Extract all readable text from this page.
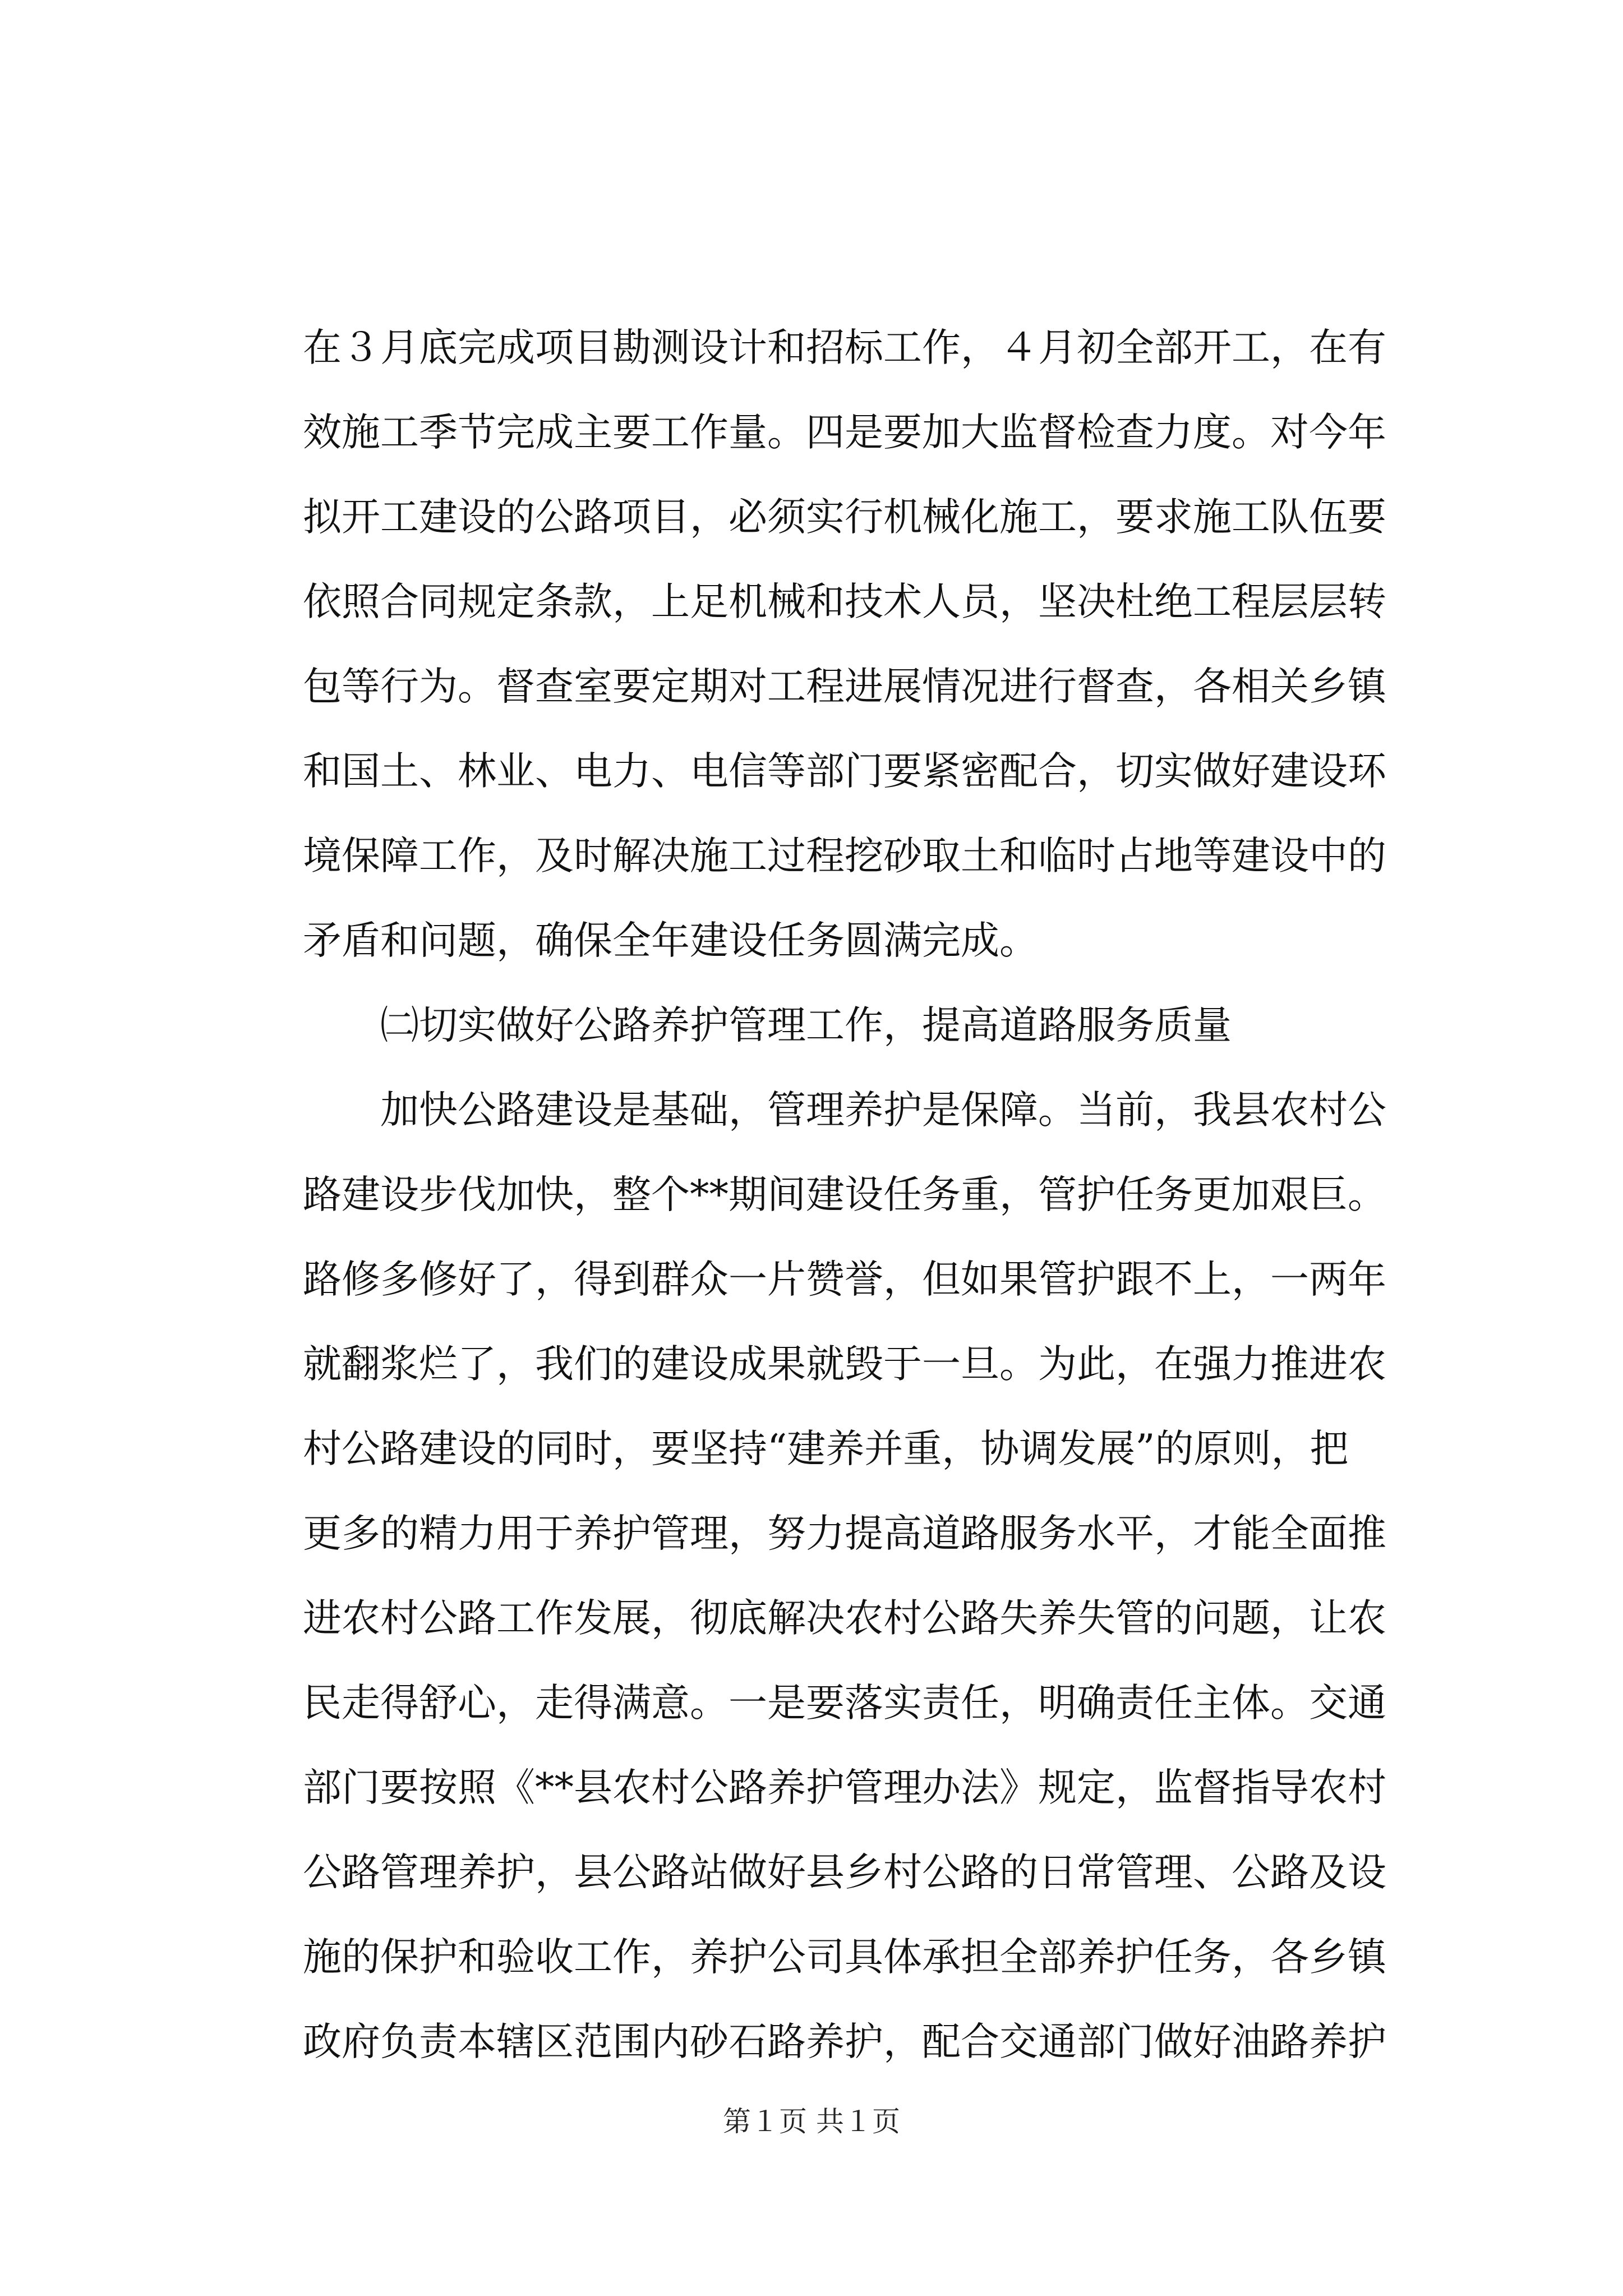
在３月底完成项目勘测设计和招标工作，４月初全部开工，在有
效施工季节完成主要工作量。四是要加大监督检查力度。对今年
拟开工建设的公路项目，必须实行机械化施工，要求施工队伍要
依照合同规定条款，上足机械和技术人员，坚决杜绝工程层层转
包等行为。督查室要定期对工程进展情况进行督查，各相关乡镇
和国土、林业、电力、电信等部门要紧密配合，切实做好建设环
境保障工作，及时解决施工过程挖砂取土和临时占地等建设中的
矛盾和问题，确保全年建设任务圆满完成。
㈡切实做好公路养护管理工作，提高道路服务质量
加快公路建设是基础，管理养护是保障。当前，我县农村公
路建设步伐加快，整个**期间建设任务重，管护任务更加艰巨。
路修多修好了，得到群众一片赞誉，但如果管护跟不上，一两年
就翻浆烂了，我们的建设成果就毁于一旦。为此，在强力推进农
村公路建设的同时，要坚持“建养并重，协调发展”的原则，把
更多的精力用于养护管理，努力提高道路服务水平，才能全面推
进农村公路工作发展，彻底解决农村公路失养失管的问题，让农
民走得舒心，走得满意。一是要落实责任，明确责任主体。交通
部门要按照《**县农村公路养护管理办法》规定，监督指导农村
公路管理养护，县公路站做好县乡村公路的日常管理、公路及设
施的保护和验收工作，养护公司具体承担全部养护任务，各乡镇
政府负责本辖区范围内砂石路养护，配合交通部门做好油路养护
第１页 共１页
